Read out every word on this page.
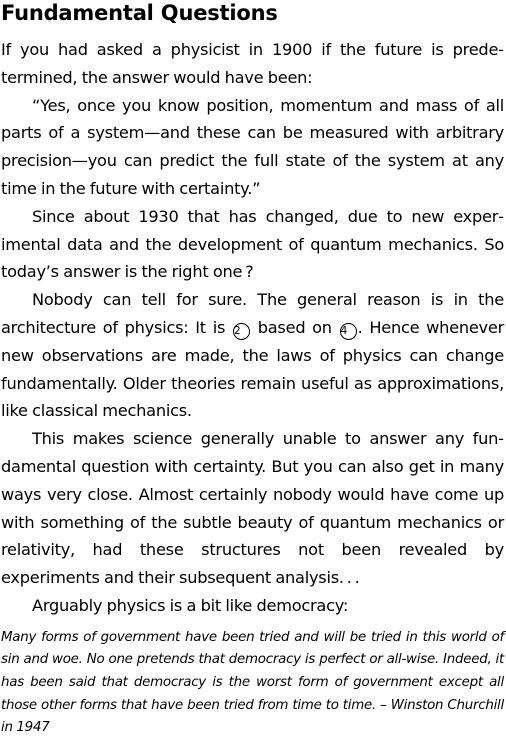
Fundamental Questions

If you had asked a physicist in 1900 if the future is predetermined, the answer would have been:

“Yes, once you know position, momentum and mass of all parts of a system—and these can be measured with arbitrary precision—you can predict the full state of the system at any time in the future with certainty.”

Since about 1930 that has changed, due to new experimental data and the development of quantum mechanics. So today’s answer is the right one ?

Nobody can tell for sure. The general reason is in the architecture of physics: It is 2 based on 4 . Hence whenever new observations are made, the laws of physics can change fundamentally. Older theories remain useful as approximations, like classical mechanics.

This makes science generally unable to answer any fundamental question with certainty. But you can also get in many ways very close. Almost certainly nobody would have come up with something of the subtle beauty of quantum mechanics or relativity, had these structures not been revealed by experiments and their subsequent analysis. . .

Arguably physics is a bit like democracy:

Many forms of government have been tried and will be tried in this world of sin and woe. No one pretends that democracy is perfect or all-wise. Indeed, it has been said that democracy is the worst form of government except all those other forms that have been tried from time to time. – Winston Churchill in 1947
